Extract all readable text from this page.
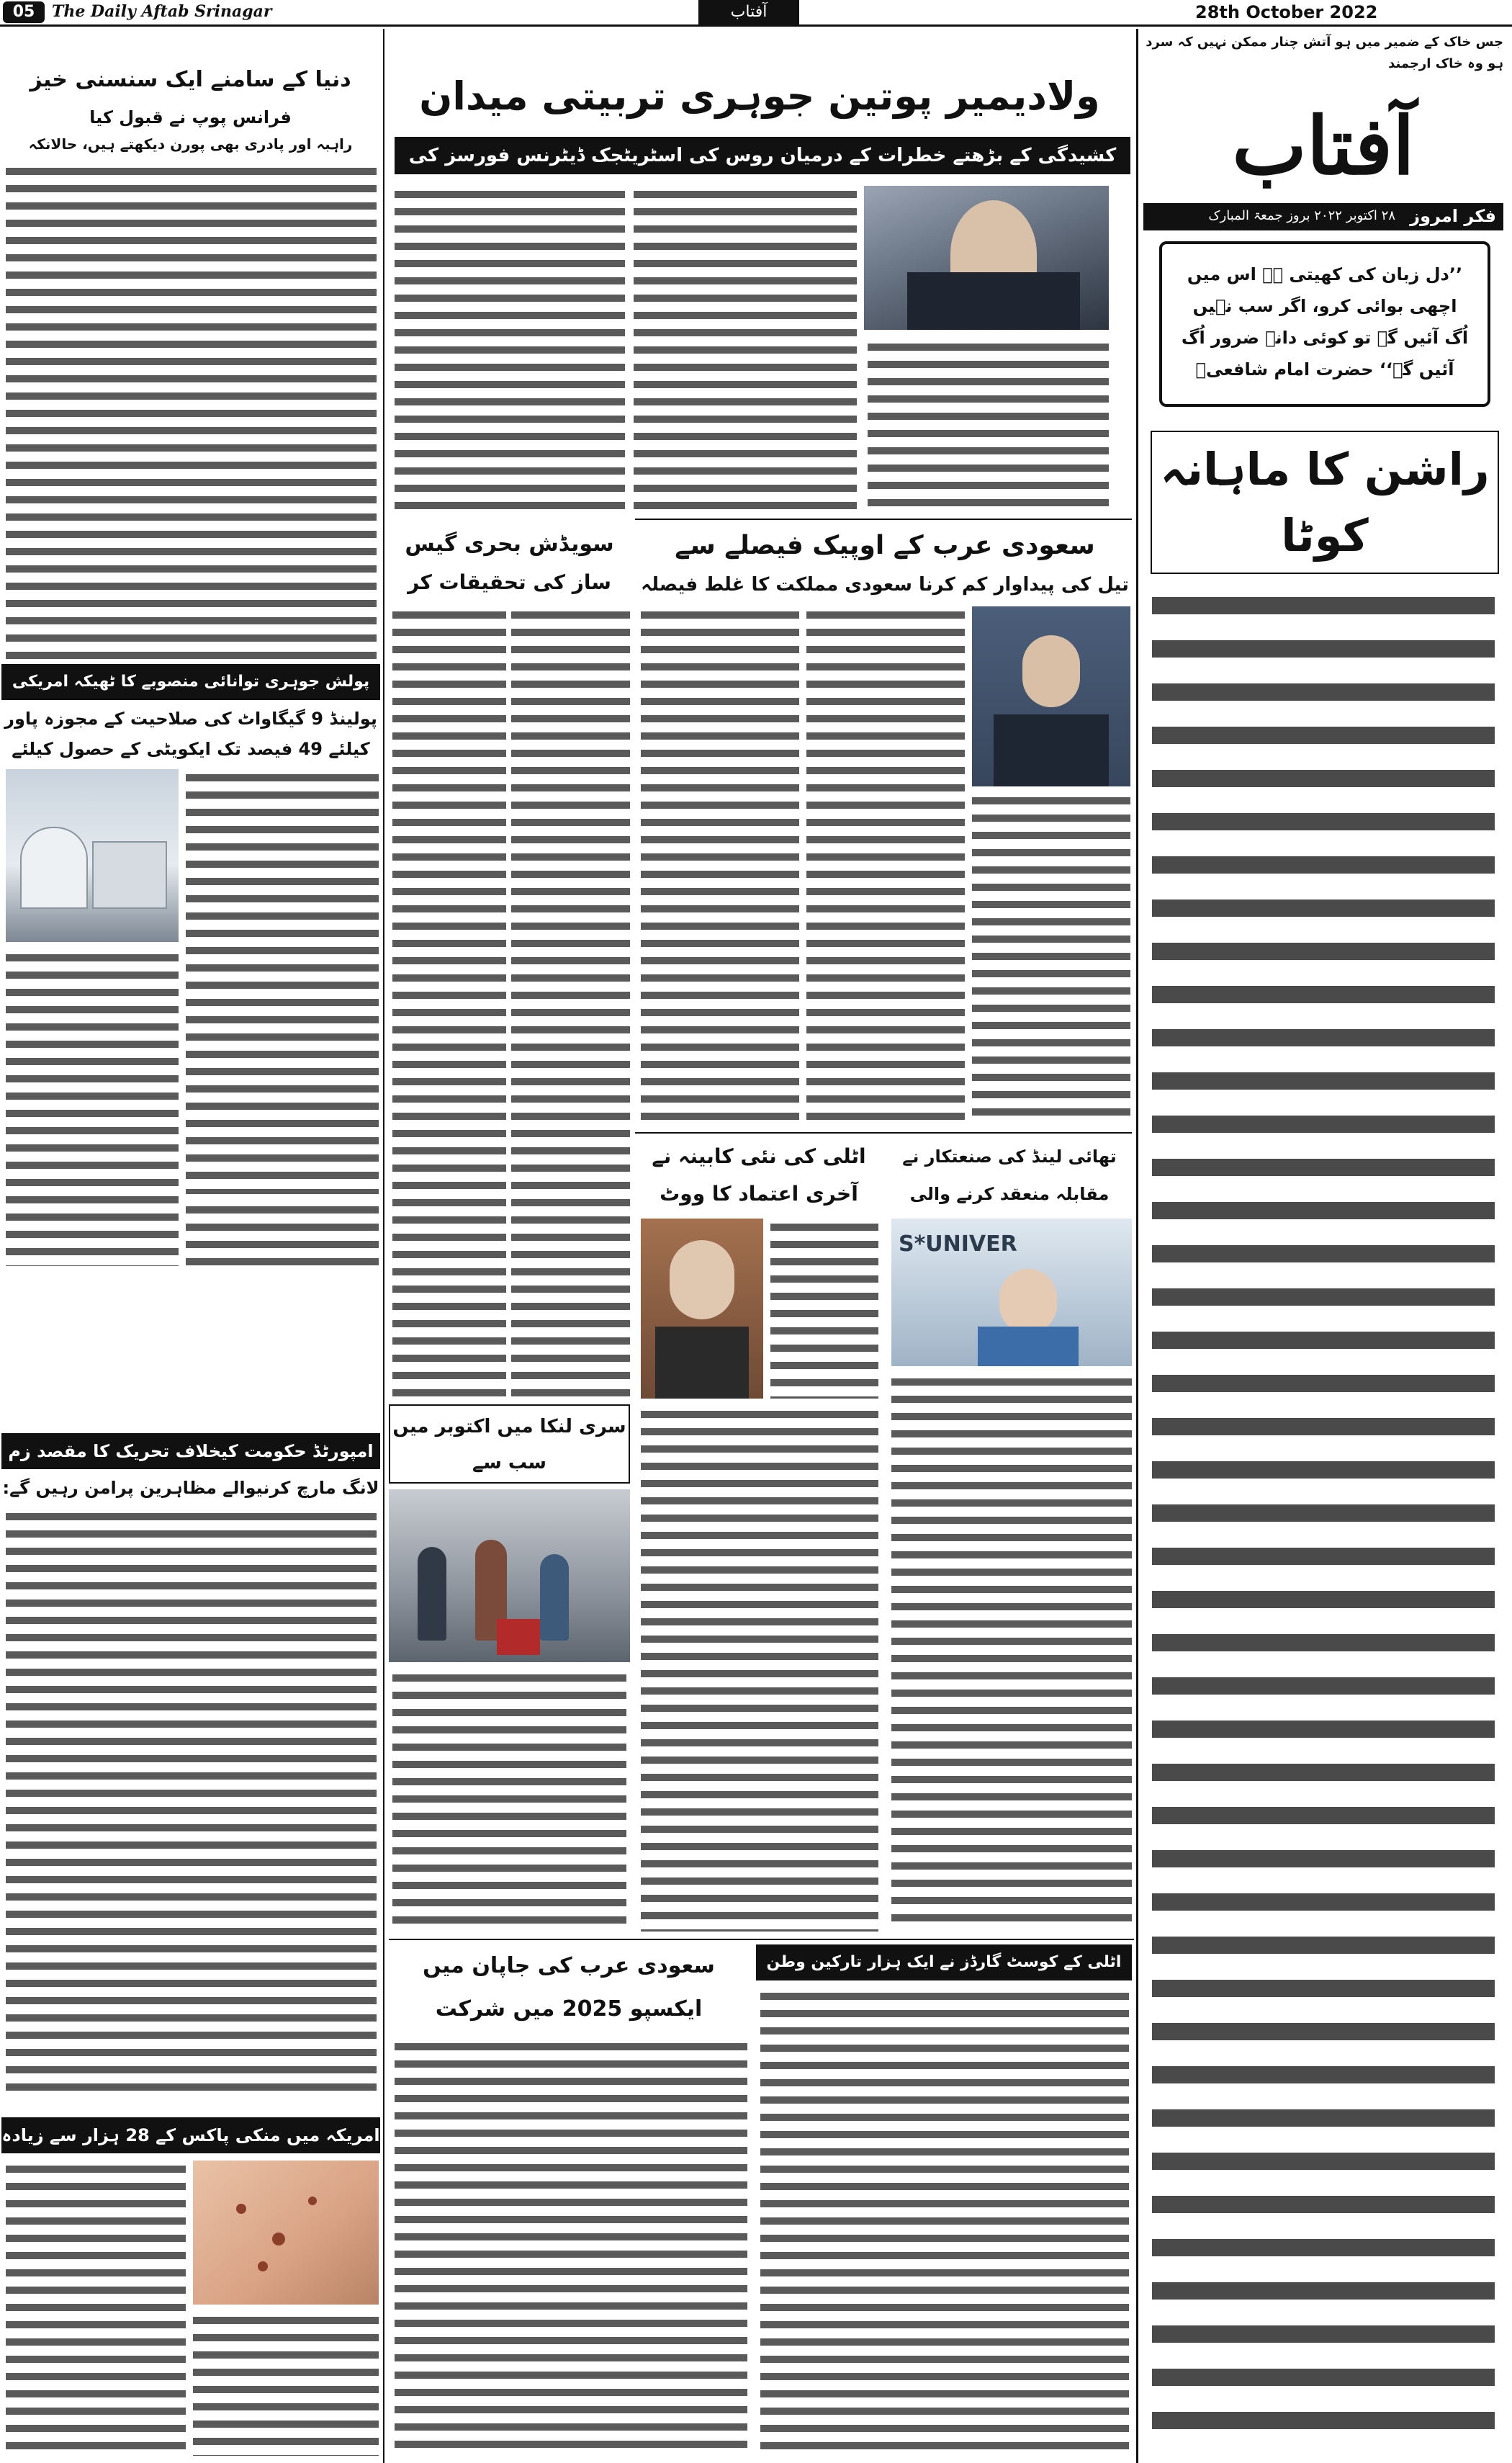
05	The Daily Aftab Srinagar	آفتاب	28th October 2022
جس خاک کے ضمیر میں ہو آتش چنار ممکن نہیں کہ سرد ہو وہ خاک ارجمند
آفتاب
فکر امروز
۲۸ اکتوبر ۲۰۲۲ بروز جمعۃ المبارک
’’دل زبان کی کھیتی ہے اس میں اچھی بوائی کرو، اگر سب نہیں اُگ آئیں گے تو کوئی دانے ضرور اُگ آئیں گے‘‘ حضرت امام شافعیؒ
راشن کا ماہانہ کوٹا
ولادیمیر پوتین جوہری تربیتی میدان
کشیدگی کے بڑھتے خطرات کے درمیان روس کی اسٹریٹجک ڈیٹرنس فورسز کی
دنیا کے سامنے ایک سنسنی خیز
فرانس پوپ نے قبول کیا
راہبہ اور پادری بھی پورن دیکھتے ہیں، حالانکہ
پولش جوہری توانائی منصوبے کا ٹھیکہ امریکی
پولینڈ 9 گیگاواٹ کی صلاحیت کے مجوزہ پاور
کیلئے 49 فیصد تک ایکویٹی کے حصول کیلئے
امپورٹڈ حکومت کیخلاف تحریک کا مقصد زم
لانگ مارچ کرنیوالے مظاہرین پرامن رہیں گے:
امریکہ میں منکی پاکس کے 28 ہزار سے زیادہ
سعودی عرب کے اوپیک فیصلے سے
تیل کی پیداوار کم کرنا سعودی مملکت کا غلط فیصلہ
سویڈش بحری گیس
ساز کی تحقیقات کر
اٹلی کی نئی کابینہ نے
آخری اعتماد کا ووٹ
تھائی لینڈ کی صنعتکار نے
مقابلہ منعقد کرنے والی
S*UNIVER
سری لنکا میں اکتوبر میں سب سے
سعودی عرب کی جاپان میں
ایکسپو 2025 میں شرکت
اٹلی کے کوسٹ گارڈز نے ایک ہزار تارکین وطن
